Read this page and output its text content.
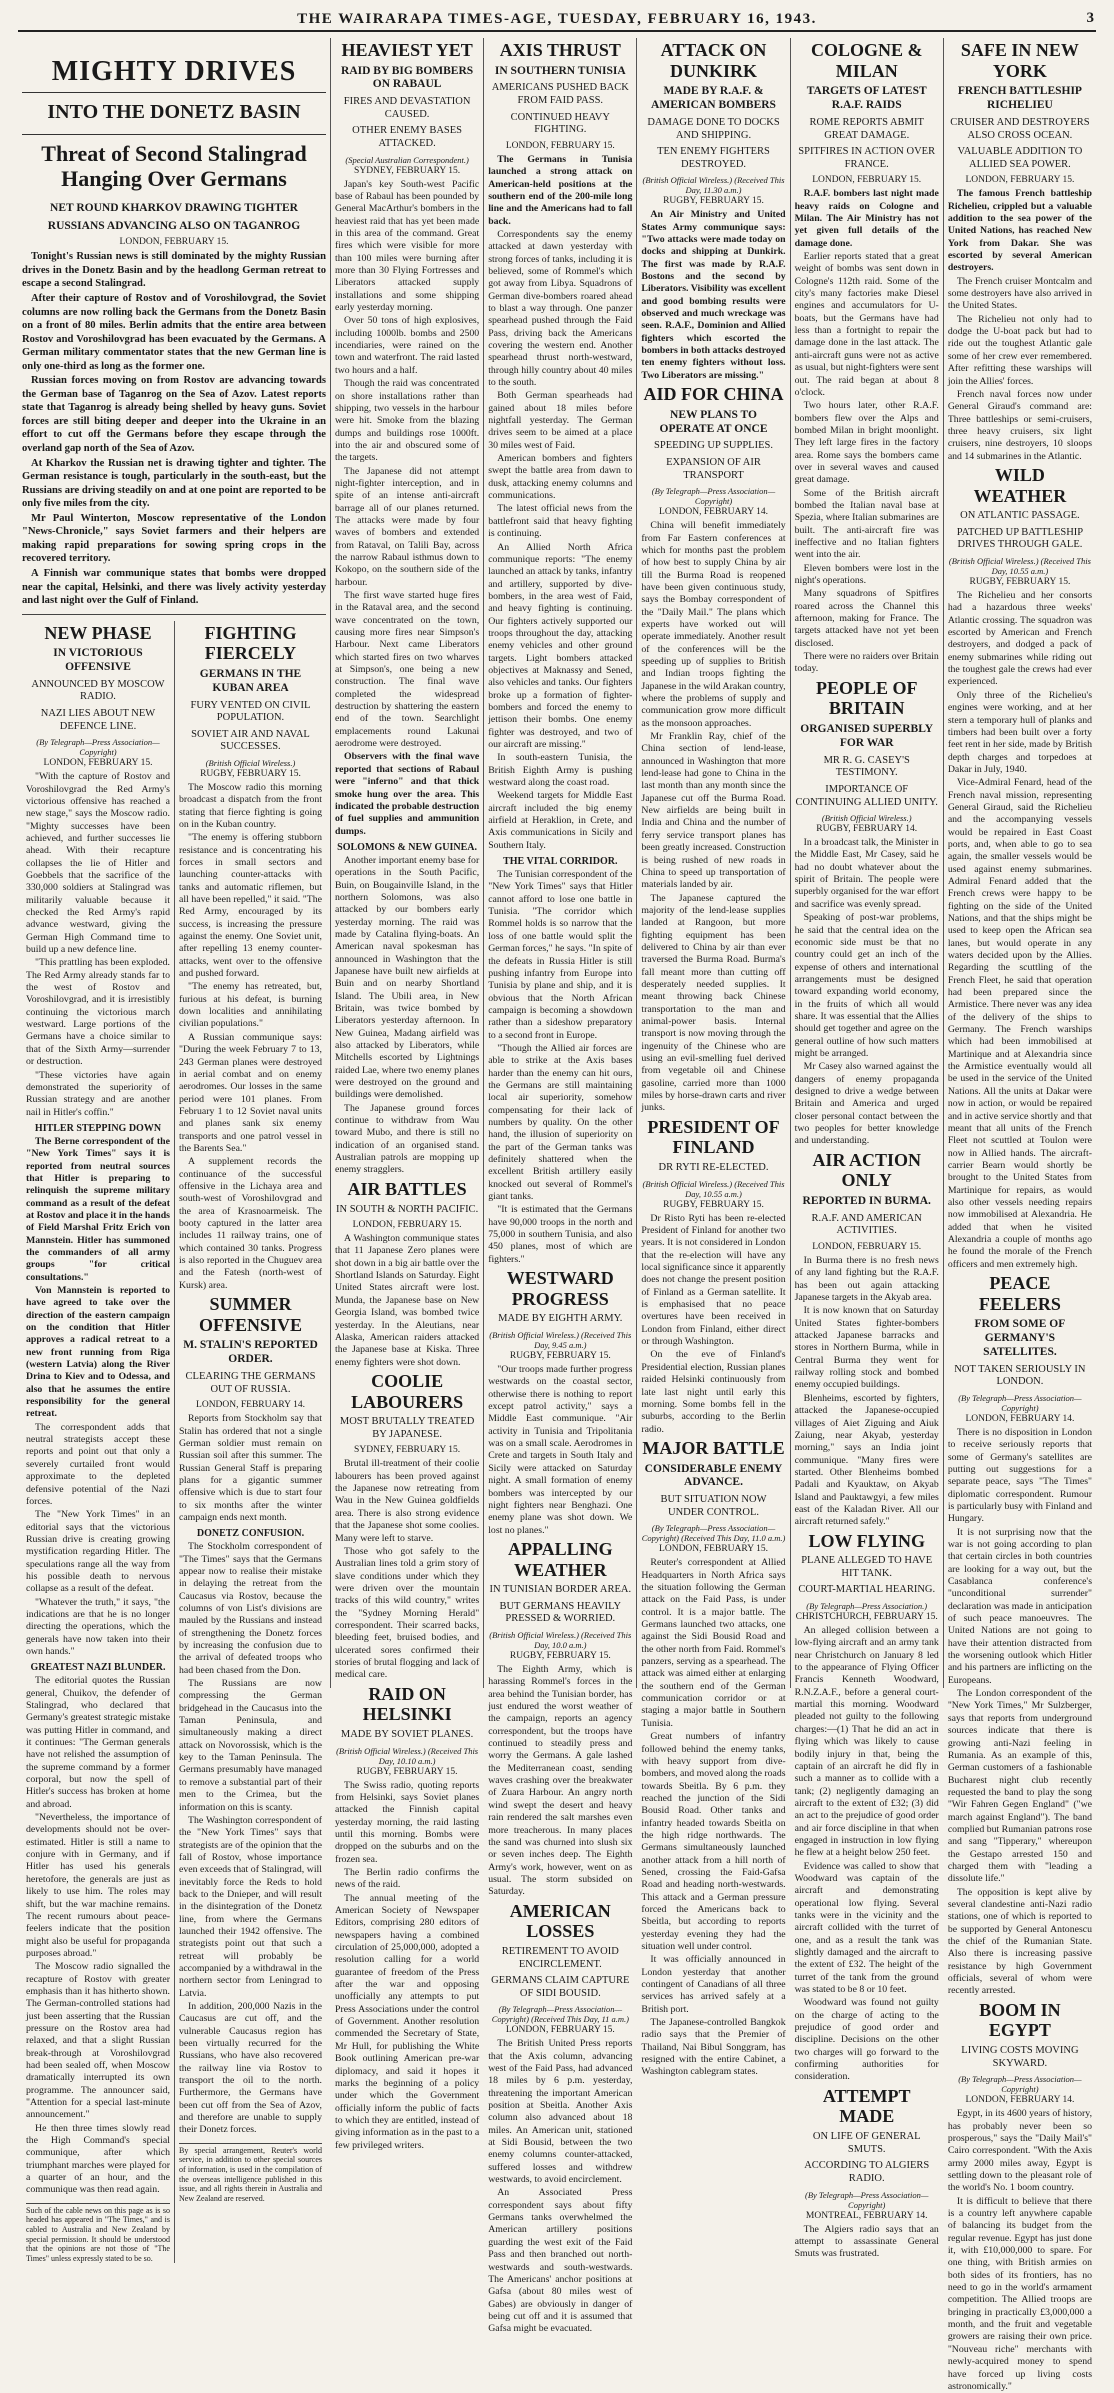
THE WAIRARAPA TIMES-AGE, TUESDAY, FEBRUARY 16, 1943.	3
MIGHTY DRIVES
INTO THE DONETZ BASIN
Threat of Second Stalingrad Hanging Over Germans
NET ROUND KHARKOV DRAWING TIGHTER
RUSSIANS ADVANCING ALSO ON TAGANROG
LONDON, FEBRUARY 15.

Tonight's Russian news is still dominated by the mighty Russian drives in the Donetz Basin and by the headlong German retreat to escape a second Stalingrad.

After their capture of Rostov and of Voroshilovgrad, the Soviet columns are now rolling back the Germans from the Donetz Basin on a front of 80 miles. Berlin admits that the entire area between Rostov and Voroshilovgrad has been evacuated by the Germans. A German military commentator states that the new German line is only one-third as long as the former one.

Russian forces moving on from Rostov are advancing towards the German base of Taganrog on the Sea of Azov. Latest reports state that Taganrog is already being shelled by heavy guns. Soviet forces are still biting deeper and deeper into the Ukraine in an effort to cut off the Germans before they escape through the overland gap north of the Sea of Azov.

At Kharkov the Russian net is drawing tighter and tighter. The German resistance is tough, particularly in the south-east, but the Russians are driving steadily on and at one point are reported to be only five miles from the city.

Mr Paul Winterton, Moscow representative of the London "News-Chronicle," says Soviet farmers and their helpers are making rapid preparations for sowing spring crops in the recovered territory.

A Finnish war communique states that bombs were dropped near the capital, Helsinki, and there was lively activity yesterday and last night over the Gulf of Finland.

NEW PHASE
IN VICTORIOUS OFFENSIVE
ANNOUNCED BY MOSCOW RADIO.
NAZI LIES ABOUT NEW DEFENCE LINE.
(By Telegraph—Press Association—Copyright)
LONDON, FEBRUARY 15.

"With the capture of Rostov and Voroshilovgrad the Red Army's victorious offensive has reached a new stage," says the Moscow radio. "Mighty successes have been achieved, and further successes lie ahead. With their recapture collapses the lie of Hitler and Goebbels that the sacrifice of the 330,000 soldiers at Stalingrad was militarily valuable because it checked the Red Army's rapid advance westward, giving the German High Command time to build up a new defence line.

"This prattling has been exploded. The Red Army already stands far to the west of Rostov and Voroshilovgrad, and it is irresistibly continuing the victorious march westward. Large portions of the Germans have a choice similar to that of the Sixth Army—surrender or destruction.

"These victories have again demonstrated the superiority of Russian strategy and are another nail in Hitler's coffin."

HITLER STEPPING DOWN

The Berne correspondent of the "New York Times" says it is reported from neutral sources that Hitler is preparing to relinquish the supreme military command as a result of the defeat at Rostov and place it in the hands of Field Marshal Fritz Erich von Mannstein. Hitler has summoned the commanders of all army groups "for critical consultations."

Von Mannstein is reported to have agreed to take over the direction of the eastern campaign on the condition that Hitler approves a radical retreat to a new front running from Riga (western Latvia) along the River Drina to Kiev and to Odessa, and also that he assumes the entire responsibility for the general retreat.

The correspondent adds that neutral strategists accept these reports and point out that only a severely curtailed front would approximate to the depleted defensive potential of the Nazi forces.

The "New York Times" in an editorial says that the victorious Russian drive is creating growing mystification regarding Hitler. The speculations range all the way from his possible death to nervous collapse as a result of the defeat.

"Whatever the truth," it says, "the indications are that he is no longer directing the operations, which the generals have now taken into their own hands."

GREATEST NAZI BLUNDER.

The editorial quotes the Russian general, Chuikov, the defender of Stalingrad, who declared that Germany's greatest strategic mistake was putting Hitler in command, and it continues: "The German generals have not relished the assumption of the supreme command by a former corporal, but now the spell of Hitler's success has broken at home and abroad.

"Nevertheless, the importance of developments should not be over-estimated. Hitler is still a name to conjure with in Germany, and if Hitler has used his generals heretofore, the generals are just as likely to use him. The roles may shift, but the war machine remains. The recent rumours about peace-feelers indicate that the position might also be useful for propaganda purposes abroad."

The Moscow radio signalled the recapture of Rostov with greater emphasis than it has hitherto shown. The German-controlled stations had just been asserting that the Russian pressure on the Rostov area had relaxed, and that a slight Russian break-through at Voroshilovgrad had been sealed off, when Moscow dramatically interrupted its own programme. The announcer said, "Attention for a special last-minute announcement."

He then three times slowly read the High Command's special communique, after which triumphant marches were played for a quarter of an hour, and the communique was then read again.

Such of the cable news on this page as is so headed has appeared in "The Times," and is cabled to Australia and New Zealand by special permission. It should be understood that the opinions are not those of "The Times" unless expressly stated to be so.
FIGHTING FIERCELY
GERMANS IN THE KUBAN AREA
FURY VENTED ON CIVIL POPULATION.
SOVIET AIR AND NAVAL SUCCESSES.
(British Official Wireless.)
RUGBY, FEBRUARY 15.

The Moscow radio this morning broadcast a dispatch from the front stating that fierce fighting is going on in the Kuban country.

"The enemy is offering stubborn resistance and is concentrating his forces in small sectors and launching counter-attacks with tanks and automatic riflemen, but all have been repelled," it said. "The Red Army, encouraged by its success, is increasing the pressure against the enemy. One Soviet unit, after repelling 13 enemy counter-attacks, went over to the offensive and pushed forward.

"The enemy has retreated, but, furious at his defeat, is burning down localities and annihilating civilian populations."

A Russian communique says: "During the week February 7 to 13, 243 German planes were destroyed in aerial combat and on enemy aerodromes. Our losses in the same period were 101 planes. From February 1 to 12 Soviet naval units and planes sank six enemy transports and one patrol vessel in the Barents Sea."

A supplement records the continuance of the successful offensive in the Lichaya area and south-west of Voroshilovgrad and the area of Krasnoarmeisk. The booty captured in the latter area includes 11 railway trains, one of which contained 30 tanks. Progress is also reported in the Chuguev area and the Fatesh (north-west of Kursk) area.

SUMMER OFFENSIVE
M. STALIN'S REPORTED ORDER.
CLEARING THE GERMANS OUT OF RUSSIA.
LONDON, FEBRUARY 14.

Reports from Stockholm say that Stalin has ordered that not a single German soldier must remain on Russian soil after this summer. The Russian General Staff is preparing plans for a gigantic summer offensive which is due to start four to six months after the winter campaign ends next month.

DONETZ CONFUSION.

The Stockholm correspondent of "The Times" says that the Germans appear now to realise their mistake in delaying the retreat from the Caucasus via Rostov, because the columns of von List's divisions are mauled by the Russians and instead of strengthening the Donetz forces by increasing the confusion due to the arrival of defeated troops who had been chased from the Don.

The Russians are now compressing the German bridgehead in the Caucasus into the Taman Peninsula, and simultaneously making a direct attack on Novorossisk, which is the key to the Taman Peninsula. The Germans presumably have managed to remove a substantial part of their men to the Crimea, but the information on this is scanty.

The Washington correspondent of the "New York Times" says that strategists are of the opinion that the fall of Rostov, whose importance even exceeds that of Stalingrad, will inevitably force the Reds to hold back to the Dnieper, and will result in the disintegration of the Donetz line, from where the Germans launched their 1942 offensive. The strategists point out that such a retreat will probably be accompanied by a withdrawal in the northern sector from Leningrad to Latvia.

In addition, 200,000 Nazis in the Caucasus are cut off, and the vulnerable Caucasus region has been virtually recurred for the Russians, who have also recovered the railway line via Rostov to transport the oil to the north. Furthermore, the Germans have been cut off from the Sea of Azov, and therefore are unable to supply their Donetz forces.

By special arrangement, Reuter's world service, in addition to other special sources of information, is used in the compilation of the overseas intelligence published in this issue, and all rights therein in Australia and New Zealand are reserved.
HEAVIEST YET
RAID BY BIG BOMBERS ON RABAUL
FIRES AND DEVASTATION CAUSED.
OTHER ENEMY BASES ATTACKED.
(Special Australian Correspondent.)
SYDNEY, FEBRUARY 15.

Japan's key South-west Pacific base of Rabaul has been pounded by General MacArthur's bombers in the heaviest raid that has yet been made in this area of the command. Great fires which were visible for more than 100 miles were burning after more than 30 Flying Fortresses and Liberators attacked supply installations and some shipping early yesterday morning.

Over 50 tons of high explosives, including 1000lb. bombs and 2500 incendiaries, were rained on the town and waterfront. The raid lasted two hours and a half.

Though the raid was concentrated on shore installations rather than shipping, two vessels in the harbour were hit. Smoke from the blazing dumps and buildings rose 1000ft. into the air and obscured some of the targets.

The Japanese did not attempt night-fighter interception, and in spite of an intense anti-aircraft barrage all of our planes returned. The attacks were made by four waves of bombers and extended from Rataval, on Talili Bay, across the narrow Rabaul isthmus down to Kokopo, on the southern side of the harbour.

The first wave started huge fires in the Rataval area, and the second wave concentrated on the town, causing more fires near Simpson's Harbour. Next came Liberators which started fires on two wharves at Simpson's, one being a new construction. The final wave completed the widespread destruction by shattering the eastern end of the town. Searchlight emplacements round Lakunai aerodrome were destroyed.

Observers with the final wave reported that sections of Rabaul were "inferno" and that thick smoke hung over the area. This indicated the probable destruction of fuel supplies and ammunition dumps.

SOLOMONS & NEW GUINEA.

Another important enemy base for operations in the South Pacific, Buin, on Bougainville Island, in the northern Solomons, was also attacked by our bombers early yesterday morning. The raid was made by Catalina flying-boats. An American naval spokesman has announced in Washington that the Japanese have built new airfields at Buin and on nearby Shortland Island. The Ubili area, in New Britain, was twice bombed by Liberators yesterday afternoon. In New Guinea, Madang airfield was also attacked by Liberators, while Mitchells escorted by Lightnings raided Lae, where two enemy planes were destroyed on the ground and buildings were demolished.

The Japanese ground forces continue to withdraw from Wau toward Mubo, and there is still no indication of an organised stand. Australian patrols are mopping up enemy stragglers.

AIR BATTLES
IN SOUTH & NORTH PACIFIC.
LONDON, FEBRUARY 15.

A Washington communique states that 11 Japanese Zero planes were shot down in a big air battle over the Shortland Islands on Saturday. Eight United States aircraft were lost. Munda, the Japanese base on New Georgia Island, was bombed twice yesterday. In the Aleutians, near Alaska, American raiders attacked the Japanese base at Kiska. Three enemy fighters were shot down.

COOLIE LABOURERS
MOST BRUTALLY TREATED BY JAPANESE.
SYDNEY, FEBRUARY 15.

Brutal ill-treatment of their coolie labourers has been proved against the Japanese now retreating from Wau in the New Guinea goldfields area. There is also strong evidence that the Japanese shot some coolies. Many were left to starve.

Those who got safely to the Australian lines told a grim story of slave conditions under which they were driven over the mountain tracks of this wild country," writes the "Sydney Morning Herald" correspondent. Their scarred backs, bleeding feet, bruised bodies, and ulcerated sores confirmed their stories of brutal flogging and lack of medical care.

RAID ON HELSINKI
MADE BY SOVIET PLANES.
(British Official Wireless.) (Received This Day, 10.10 a.m.)
RUGBY, FEBRUARY 15.

The Swiss radio, quoting reports from Helsinki, says Soviet planes attacked the Finnish capital yesterday morning, the raid lasting until this morning. Bombs were dropped on the suburbs and on the frozen sea.

The Berlin radio confirms the news of the raid.

The annual meeting of the American Society of Newspaper Editors, comprising 280 editors of newspapers having a combined circulation of 25,000,000, adopted a resolution calling for a world guarantee of freedom of the Press after the war and opposing unofficially any attempts to put Press Associations under the control of Government. Another resolution commended the Secretary of State, Mr Hull, for publishing the White Book outlining American pre-war diplomacy, and said it hopes it marks the beginning of a policy under which the Government officially inform the public of facts to which they are entitled, instead of giving information as in the past to a few privileged writers.

AXIS THRUST
IN SOUTHERN TUNISIA
AMERICANS PUSHED BACK FROM FAID PASS.
CONTINUED HEAVY FIGHTING.
LONDON, FEBRUARY 15.

The Germans in Tunisia launched a strong attack on American-held positions at the southern end of the 200-mile long line and the Americans had to fall back.

Correspondents say the enemy attacked at dawn yesterday with strong forces of tanks, including it is believed, some of Rommel's which got away from Libya. Squadrons of German dive-bombers roared ahead to blast a way through. One panzer spearhead pushed through the Faid Pass, driving back the Americans covering the western end. Another spearhead thrust north-westward, through hilly country about 40 miles to the south.

Both German spearheads had gained about 18 miles before nightfall yesterday. The German drives seem to be aimed at a place 30 miles west of Faid.

American bombers and fighters swept the battle area from dawn to dusk, attacking enemy columns and communications.

The latest official news from the battlefront said that heavy fighting is continuing.

An Allied North Africa communique reports: "The enemy launched an attack by tanks, infantry and artillery, supported by dive-bombers, in the area west of Faid, and heavy fighting is continuing. Our fighters actively supported our troops throughout the day, attacking enemy vehicles and other ground targets. Light bombers attacked objectives at Maknassy and Sened, also vehicles and tanks. Our fighters broke up a formation of fighter-bombers and forced the enemy to jettison their bombs. One enemy fighter was destroyed, and two of our aircraft are missing."

In south-eastern Tunisia, the British Eighth Army is pushing westward along the coast road.

Weekend targets for Middle East aircraft included the big enemy airfield at Heraklion, in Crete, and Axis communications in Sicily and Southern Italy.

THE VITAL CORRIDOR.

The Tunisian correspondent of the "New York Times" says that Hitler cannot afford to lose one battle in Tunisia. "The corridor which Rommel holds is so narrow that the loss of one battle would split the German forces," he says. "In spite of the defeats in Russia Hitler is still pushing infantry from Europe into Tunisia by plane and ship, and it is obvious that the North African campaign is becoming a showdown rather than a sideshow preparatory to a second front in Europe.

"Though the Allied air forces are able to strike at the Axis bases harder than the enemy can hit ours, the Germans are still maintaining local air superiority, somehow compensating for their lack of numbers by quality. On the other hand, the illusion of superiority on the part of the German tanks was definitely shattered when the excellent British artillery easily knocked out several of Rommel's giant tanks.

"It is estimated that the Germans have 90,000 troops in the north and 75,000 in southern Tunisia, and also 450 planes, most of which are fighters."

WESTWARD PROGRESS
MADE BY EIGHTH ARMY.
(British Official Wireless.) (Received This Day, 9.45 a.m.)
RUGBY, FEBRUARY 15.

"Our troops made further progress westwards on the coastal sector, otherwise there is nothing to report except patrol activity," says a Middle East communique. "Air activity in Tunisia and Tripolitania was on a small scale. Aerodromes in Crete and targets in South Italy and Sicily were attacked on Saturday night. A small formation of enemy bombers was intercepted by our night fighters near Benghazi. One enemy plane was shot down. We lost no planes."

APPALLING WEATHER
IN TUNISIAN BORDER AREA.
BUT GERMANS HEAVILY PRESSED & WORRIED.
(British Official Wireless.) (Received This Day, 10.0 a.m.)
RUGBY, FEBRUARY 15.

The Eighth Army, which is harassing Rommel's forces in the area behind the Tunisian border, has just endured the worst weather of the campaign, reports an agency correspondent, but the troops have continued to steadily press and worry the Germans. A gale lashed the Mediterranean coast, sending waves crashing over the breakwater of Zuara Harbour. An angry north wind swept the desert and heavy rain rendered the salt marshes even more treacherous. In many places the sand was churned into slush six or seven inches deep. The Eighth Army's work, however, went on as usual. The storm subsided on Saturday.

AMERICAN LOSSES
RETIREMENT TO AVOID ENCIRCLEMENT.
GERMANS CLAIM CAPTURE OF SIDI BOUSID.
(By Telegraph—Press Association—Copyright) (Received This Day, 11 a.m.)
LONDON, FEBRUARY 15.

The British United Press reports that the Axis column, advancing west of the Faid Pass, had advanced 18 miles by 6 p.m. yesterday, threatening the important American position at Sbeitla. Another Axis column also advanced about 18 miles. An American unit, stationed at Sidi Bousid, between the two enemy columns counter-attacked, suffered losses and withdrew westwards, to avoid encirclement.

An Associated Press correspondent says about fifty Germans tanks overwhelmed the American artillery positions guarding the west exit of the Faid Pass and then branched out north-westwards and south-westwards. The Americans' anchor positions at Gafsa (about 80 miles west of Gabes) are obviously in danger of being cut off and it is assumed that Gafsa might be evacuated.

ATTACK ON DUNKIRK
MADE BY R.A.F. & AMERICAN BOMBERS
DAMAGE DONE TO DOCKS AND SHIPPING.
TEN ENEMY FIGHTERS DESTROYED.
(British Official Wireless.) (Received This Day, 11.30 a.m.)
RUGBY, FEBRUARY 15.

An Air Ministry and United States Army communique says: "Two attacks were made today on docks and shipping at Dunkirk. The first was made by R.A.F. Bostons and the second by Liberators. Visibility was excellent and good bombing results were observed and much wreckage was seen. R.A.F., Dominion and Allied fighters which escorted the bombers in both attacks destroyed ten enemy fighters without loss. Two Liberators are missing."

AID FOR CHINA
NEW PLANS TO OPERATE AT ONCE
SPEEDING UP SUPPLIES.
EXPANSION OF AIR TRANSPORT
(By Telegraph—Press Association—Copyright)
LONDON, FEBRUARY 14.

China will benefit immediately from Far Eastern conferences at which for months past the problem of how best to supply China by air till the Burma Road is reopened have been given continuous study, says the Bombay correspondent of the "Daily Mail." The plans which experts have worked out will operate immediately. Another result of the conferences will be the speeding up of supplies to British and Indian troops fighting the Japanese in the wild Arakan country, where the problems of supply and communication grow more difficult as the monsoon approaches.

Mr Franklin Ray, chief of the China section of lend-lease, announced in Washington that more lend-lease had gone to China in the last month than any month since the Japanese cut off the Burma Road. New airfields are being built in India and China and the number of ferry service transport planes has been greatly increased. Construction is being rushed of new roads in China to speed up transportation of materials landed by air.

The Japanese captured the majority of the lend-lease supplies landed at Rangoon, but more fighting equipment has been delivered to China by air than ever traversed the Burma Road. Burma's fall meant more than cutting off desperately needed supplies. It meant throwing back Chinese transportation to the man and animal-power basis. Internal transport is now moving through the ingenuity of the Chinese who are using an evil-smelling fuel derived from vegetable oil and Chinese gasoline, carried more than 1000 miles by horse-drawn carts and river junks.

PRESIDENT OF FINLAND
DR RYTI RE-ELECTED.
(British Official Wireless.) (Received This Day, 10.55 a.m.)
RUGBY, FEBRUARY 15.

Dr Risto Ryti has been re-elected President of Finland for another two years. It is not considered in London that the re-election will have any local significance since it apparently does not change the present position of Finland as a German satellite. It is emphasised that no peace overtures have been received in London from Finland, either direct or through Washington.

On the eve of Finland's Presidential election, Russian planes raided Helsinki continuously from late last night until early this morning. Some bombs fell in the suburbs, according to the Berlin radio.

MAJOR BATTLE
CONSIDERABLE ENEMY ADVANCE.
BUT SITUATION NOW UNDER CONTROL.
(By Telegraph—Press Association—Copyright) (Received This Day, 11.0 a.m.)
LONDON, FEBRUARY 15.

Reuter's correspondent at Allied Headquarters in North Africa says the situation following the German attack on the Faid Pass, is under control. It is a major battle. The Germans launched two attacks, one against the Sidi Bousid Road and the other north from Faid. Rommel's panzers, serving as a spearhead. The attack was aimed either at enlarging the southern end of the German communication corridor or at staging a major battle in Southern Tunisia.

Great numbers of infantry followed behind the enemy tanks, with heavy support from dive-bombers, and moved along the roads towards Sbeitla. By 6 p.m. they reached the junction of the Sidi Bousid Road. Other tanks and infantry headed towards Sbeitla on the high ridge northwards. The Germans simultaneously launched another attack from a hill north of Sened, crossing the Faid-Gafsa Road and heading north-westwards. This attack and a German pressure forced the Americans back to Sbeitla, but according to reports yesterday evening they had the situation well under control.

It was officially announced in London yesterday that another contingent of Canadians of all three services has arrived safely at a British port.

The Japanese-controlled Bangkok radio says that the Premier of Thailand, Nai Bibul Songgram, has resigned with the entire Cabinet, a Washington cablegram states.

COLOGNE & MILAN
TARGETS OF LATEST R.A.F. RAIDS
ROME REPORTS ABMIT GREAT DAMAGE.
SPITFIRES IN ACTION OVER FRANCE.
LONDON, FEBRUARY 15.

R.A.F. bombers last night made heavy raids on Cologne and Milan. The Air Ministry has not yet given full details of the damage done.

Earlier reports stated that a great weight of bombs was sent down in Cologne's 112th raid. Some of the city's many factories make Diesel engines and accumulators for U-boats, but the Germans have had less than a fortnight to repair the damage done in the last attack. The anti-aircraft guns were not as active as usual, but night-fighters were sent out. The raid began at about 8 o'clock.

Two hours later, other R.A.F. bombers flew over the Alps and bombed Milan in bright moonlight. They left large fires in the factory area. Rome says the bombers came over in several waves and caused great damage.

Some of the British aircraft bombed the Italian naval base at Spezia, where Italian submarines are built. The anti-aircraft fire was ineffective and no Italian fighters went into the air.

Eleven bombers were lost in the night's operations.

Many squadrons of Spitfires roared across the Channel this afternoon, making for France. The targets attacked have not yet been disclosed.

There were no raiders over Britain today.

PEOPLE OF BRITAIN
ORGANISED SUPERBLY FOR WAR
MR R. G. CASEY'S TESTIMONY.
IMPORTANCE OF CONTINUING ALLIED UNITY.
(British Official Wireless.)
RUGBY, FEBRUARY 14.

In a broadcast talk, the Minister in the Middle East, Mr Casey, said he had no doubt whatever about the spirit of Britain. The people were superbly organised for the war effort and sacrifice was evenly spread.

Speaking of post-war problems, he said that the central idea on the economic side must be that no country could get an inch of the expense of others and international arrangements must be designed toward expanding world economy, in the fruits of which all would share. It was essential that the Allies should get together and agree on the general outline of how such matters might be arranged.

Mr Casey also warned against the dangers of enemy propaganda designed to drive a wedge between Britain and America and urged closer personal contact between the two peoples for better knowledge and understanding.

AIR ACTION ONLY
REPORTED IN BURMA.
R.A.F. AND AMERICAN ACTIVITIES.
LONDON, FEBRUARY 15.

In Burma there is no fresh news of any land fighting but the R.A.F. has been out again attacking Japanese targets in the Akyab area.

It is now known that on Saturday United States fighter-bombers attacked Japanese barracks and stores in Northern Burma, while in Central Burma they went for railway rolling stock and bombed enemy occupied buildings.

Blenheims, escorted by fighters, attacked the Japanese-occupied villages of Aiet Ziguing and Aiuk Zaiung, near Akyab, yesterday morning," says an India joint communique. "Many fires were started. Other Blenheims bombed Padali and Kyauktaw, on Akyab Island and Pauktawgyi, a few miles east of the Kaladan River. All our aircraft returned safely."

LOW FLYING
PLANE ALLEGED TO HAVE HIT TANK.
COURT-MARTIAL HEARING.
(By Telegraph—Press Association.)
CHRISTCHURCH, FEBRUARY 15.

An alleged collision between a low-flying aircraft and an army tank near Christchurch on January 8 led to the appearance of Flying Officer Francis Kenneth Woodward, R.N.Z.A.F., before a general court-martial this morning. Woodward pleaded not guilty to the following charges:—(1) That he did an act in flying which was likely to cause bodily injury in that, being the captain of an aircraft he did fly in such a manner as to collide with a tank; (2) negligently damaging an aircraft to the extent of £32; (3) did an act to the prejudice of good order and air force discipline in that when engaged in instruction in low flying he flew at a height below 250 feet.

Evidence was called to show that Woodward was captain of the aircraft and demonstrating operational low flying. Several tanks were in the vicinity and the aircraft collided with the turret of one, and as a result the tank was slightly damaged and the aircraft to the extent of £32. The height of the turret of the tank from the ground was stated to be 8 or 10 feet.

Woodward was found not guilty on the charge of acting to the prejudice of good order and discipline. Decisions on the other two charges will go forward to the confirming authorities for consideration.

ATTEMPT MADE
ON LIFE OF GENERAL SMUTS.
ACCORDING TO ALGIERS RADIO.
(By Telegraph—Press Association—Copyright)
MONTREAL, FEBRUARY 14.

The Algiers radio says that an attempt to assassinate General Smuts was frustrated.

SAFE IN NEW YORK
FRENCH BATTLESHIP RICHELIEU
CRUISER AND DESTROYERS ALSO CROSS OCEAN.
VALUABLE ADDITION TO ALLIED SEA POWER.
LONDON, FEBRUARY 15.

The famous French battleship Richelieu, crippled but a valuable addition to the sea power of the United Nations, has reached New York from Dakar. She was escorted by several American destroyers.

The French cruiser Montcalm and some destroyers have also arrived in the United States.

The Richelieu not only had to dodge the U-boat pack but had to ride out the toughest Atlantic gale some of her crew ever remembered. After refitting these warships will join the Allies' forces.

French naval forces now under General Giraud's command are: Three battleships or semi-cruisers, three heavy cruisers, six light cruisers, nine destroyers, 10 sloops and 14 submarines in the Atlantic.

WILD WEATHER
ON ATLANTIC PASSAGE.
PATCHED UP BATTLESHIP DRIVES THROUGH GALE.
(British Official Wireless.) (Received This Day, 10.55 a.m.)
RUGBY, FEBRUARY 15.

The Richelieu and her consorts had a hazardous three weeks' Atlantic crossing. The squadron was escorted by American and French destroyers, and dodged a pack of enemy submarines while riding out the toughest gale the crews had ever experienced.

Only three of the Richelieu's engines were working, and at her stern a temporary hull of planks and timbers had been built over a forty feet rent in her side, made by British depth charges and torpedoes at Dakar in July, 1940.

Vice-Admiral Fenard, head of the French naval mission, representing General Giraud, said the Richelieu and the accompanying vessels would be repaired in East Coast ports, and, when able to go to sea again, the smaller vessels would be used against enemy submarines. Admiral Fenard added that the French crews were happy to be fighting on the side of the United Nations, and that the ships might be used to keep open the African sea lanes, but would operate in any waters decided upon by the Allies. Regarding the scuttling of the French Fleet, he said that operation had been prepared since the Armistice. There never was any idea of the delivery of the ships to Germany. The French warships which had been immobilised at Martinique and at Alexandria since the Armistice eventually would all be used in the service of the United Nations. All the units at Dakar were now in action, or would be repaired and in active service shortly and that meant that all units of the French Fleet not scuttled at Toulon were now in Allied hands. The aircraft-carrier Bearn would shortly be brought to the United States from Martinique for repairs, as would also other vessels needing repairs now immobilised at Alexandria. He added that when he visited Alexandria a couple of months ago he found the morale of the French officers and men extremely high.

PEACE FEELERS
FROM SOME OF GERMANY'S SATELLITES.
NOT TAKEN SERIOUSLY IN LONDON.
(By Telegraph—Press Association—Copyright)
LONDON, FEBRUARY 14.

There is no disposition in London to receive seriously reports that some of Germany's satellites are putting out suggestions for a separate peace, says "The Times" diplomatic correspondent. Rumour is particularly busy with Finland and Hungary.

It is not surprising now that the war is not going according to plan that certain circles in both countries are looking for a way out, but the Casablanca conference's "unconditional surrender" declaration was made in anticipation of such peace manoeuvres. The United Nations are not going to have their attention distracted from the worsening outlook which Hitler and his partners are inflicting on the Europeans.

The London correspondent of the "New York Times," Mr Sulzberger, says that reports from underground sources indicate that there is growing anti-Nazi feeling in Rumania. As an example of this, German customers of a fashionable Bucharest night club recently requested the band to play the song "Wir Fahren Gegen England" ("we march against England"). The band complied but Rumanian patrons rose and sang "Tipperary," whereupon the Gestapo arrested 150 and charged them with "leading a dissolute life."

The opposition is kept alive by several clandestine anti-Nazi radio stations, one of which is reported to be supported by General Antonescu the chief of the Rumanian State. Also there is increasing passive resistance by high Government officials, several of whom were recently arrested.

BOOM IN EGYPT
LIVING COSTS MOVING SKYWARD.
(By Telegraph—Press Association—Copyright)
LONDON, FEBRUARY 14.

Egypt, in its 4600 years of history, has probably never been so prosperous," says the "Daily Mail's" Cairo correspondent. "With the Axis army 2000 miles away, Egypt is settling down to the pleasant role of the world's No. 1 boom country.

It is difficult to believe that there is a country left anywhere capable of balancing its budget from the regular revenue. Egypt has just done it, with £10,000,000 to spare. For one thing, with British armies on both sides of its frontiers, has no need to go in the world's armament competition. The Allied troops are bringing in practically £3,000,000 a month, and the fruit and vegetable growers are raising their own price. "Nouveau riche" merchants with newly-acquired money to spend have forced up living costs astronomically."
